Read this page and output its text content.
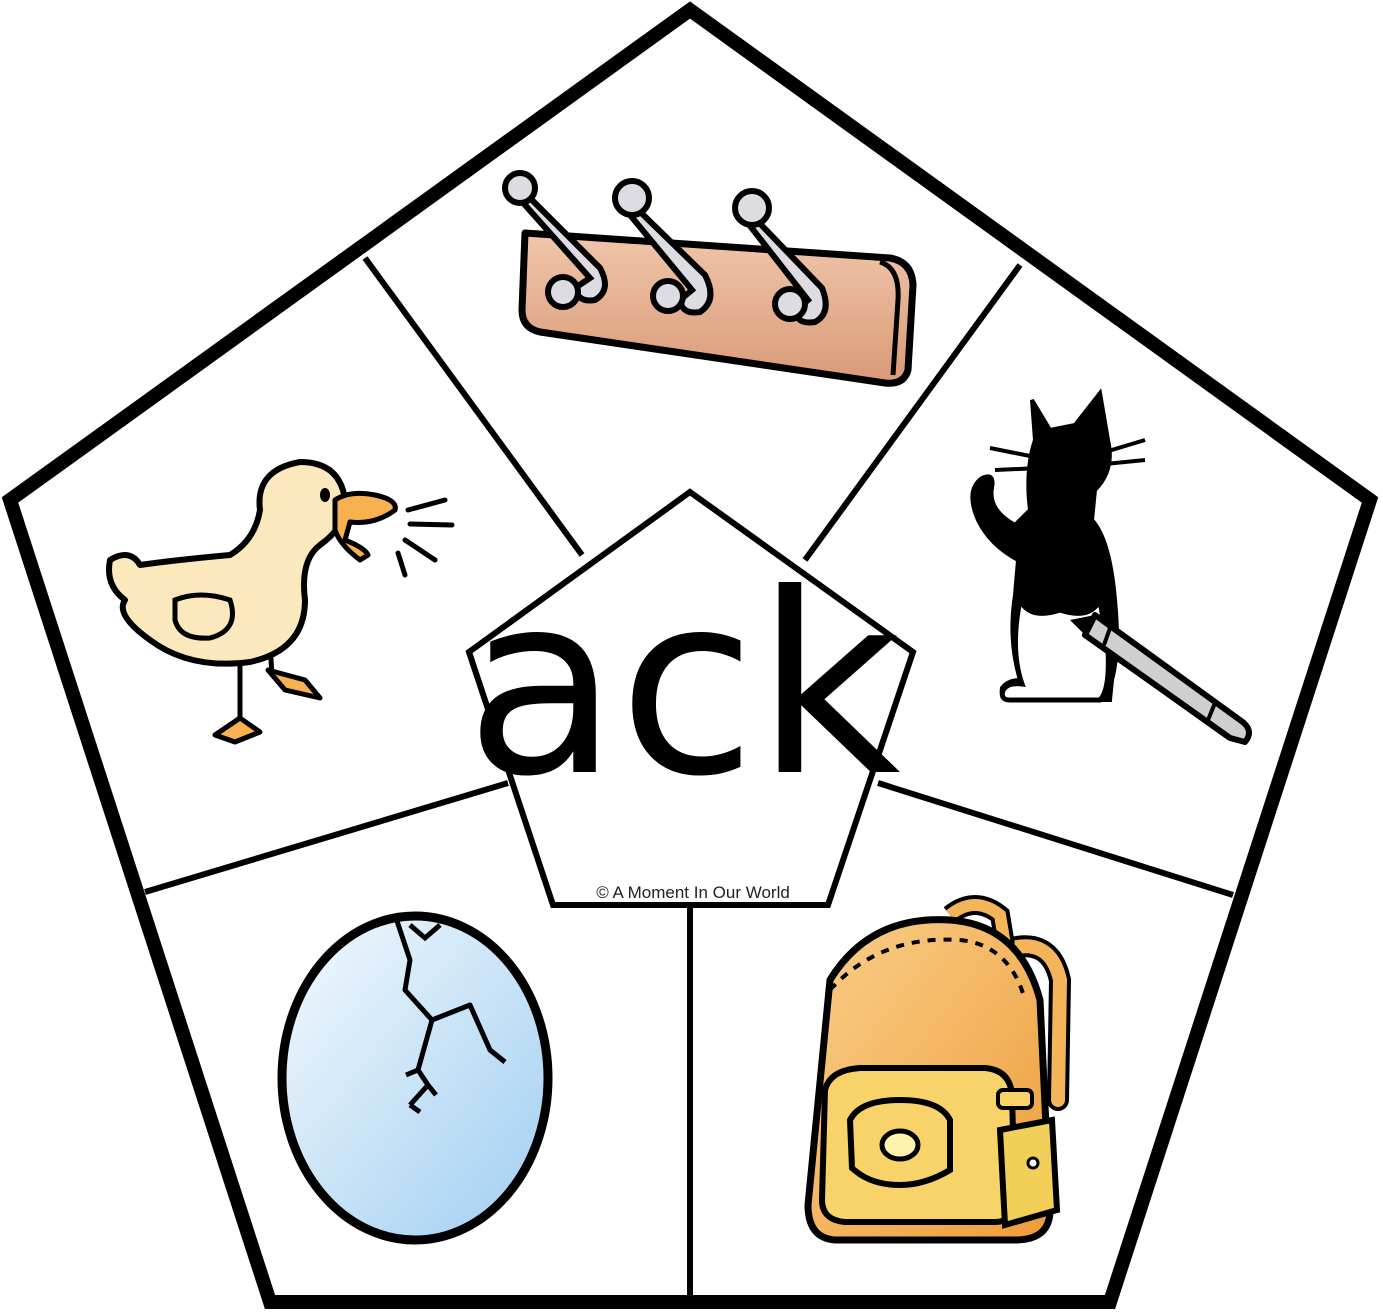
ack
© A Moment In Our World
